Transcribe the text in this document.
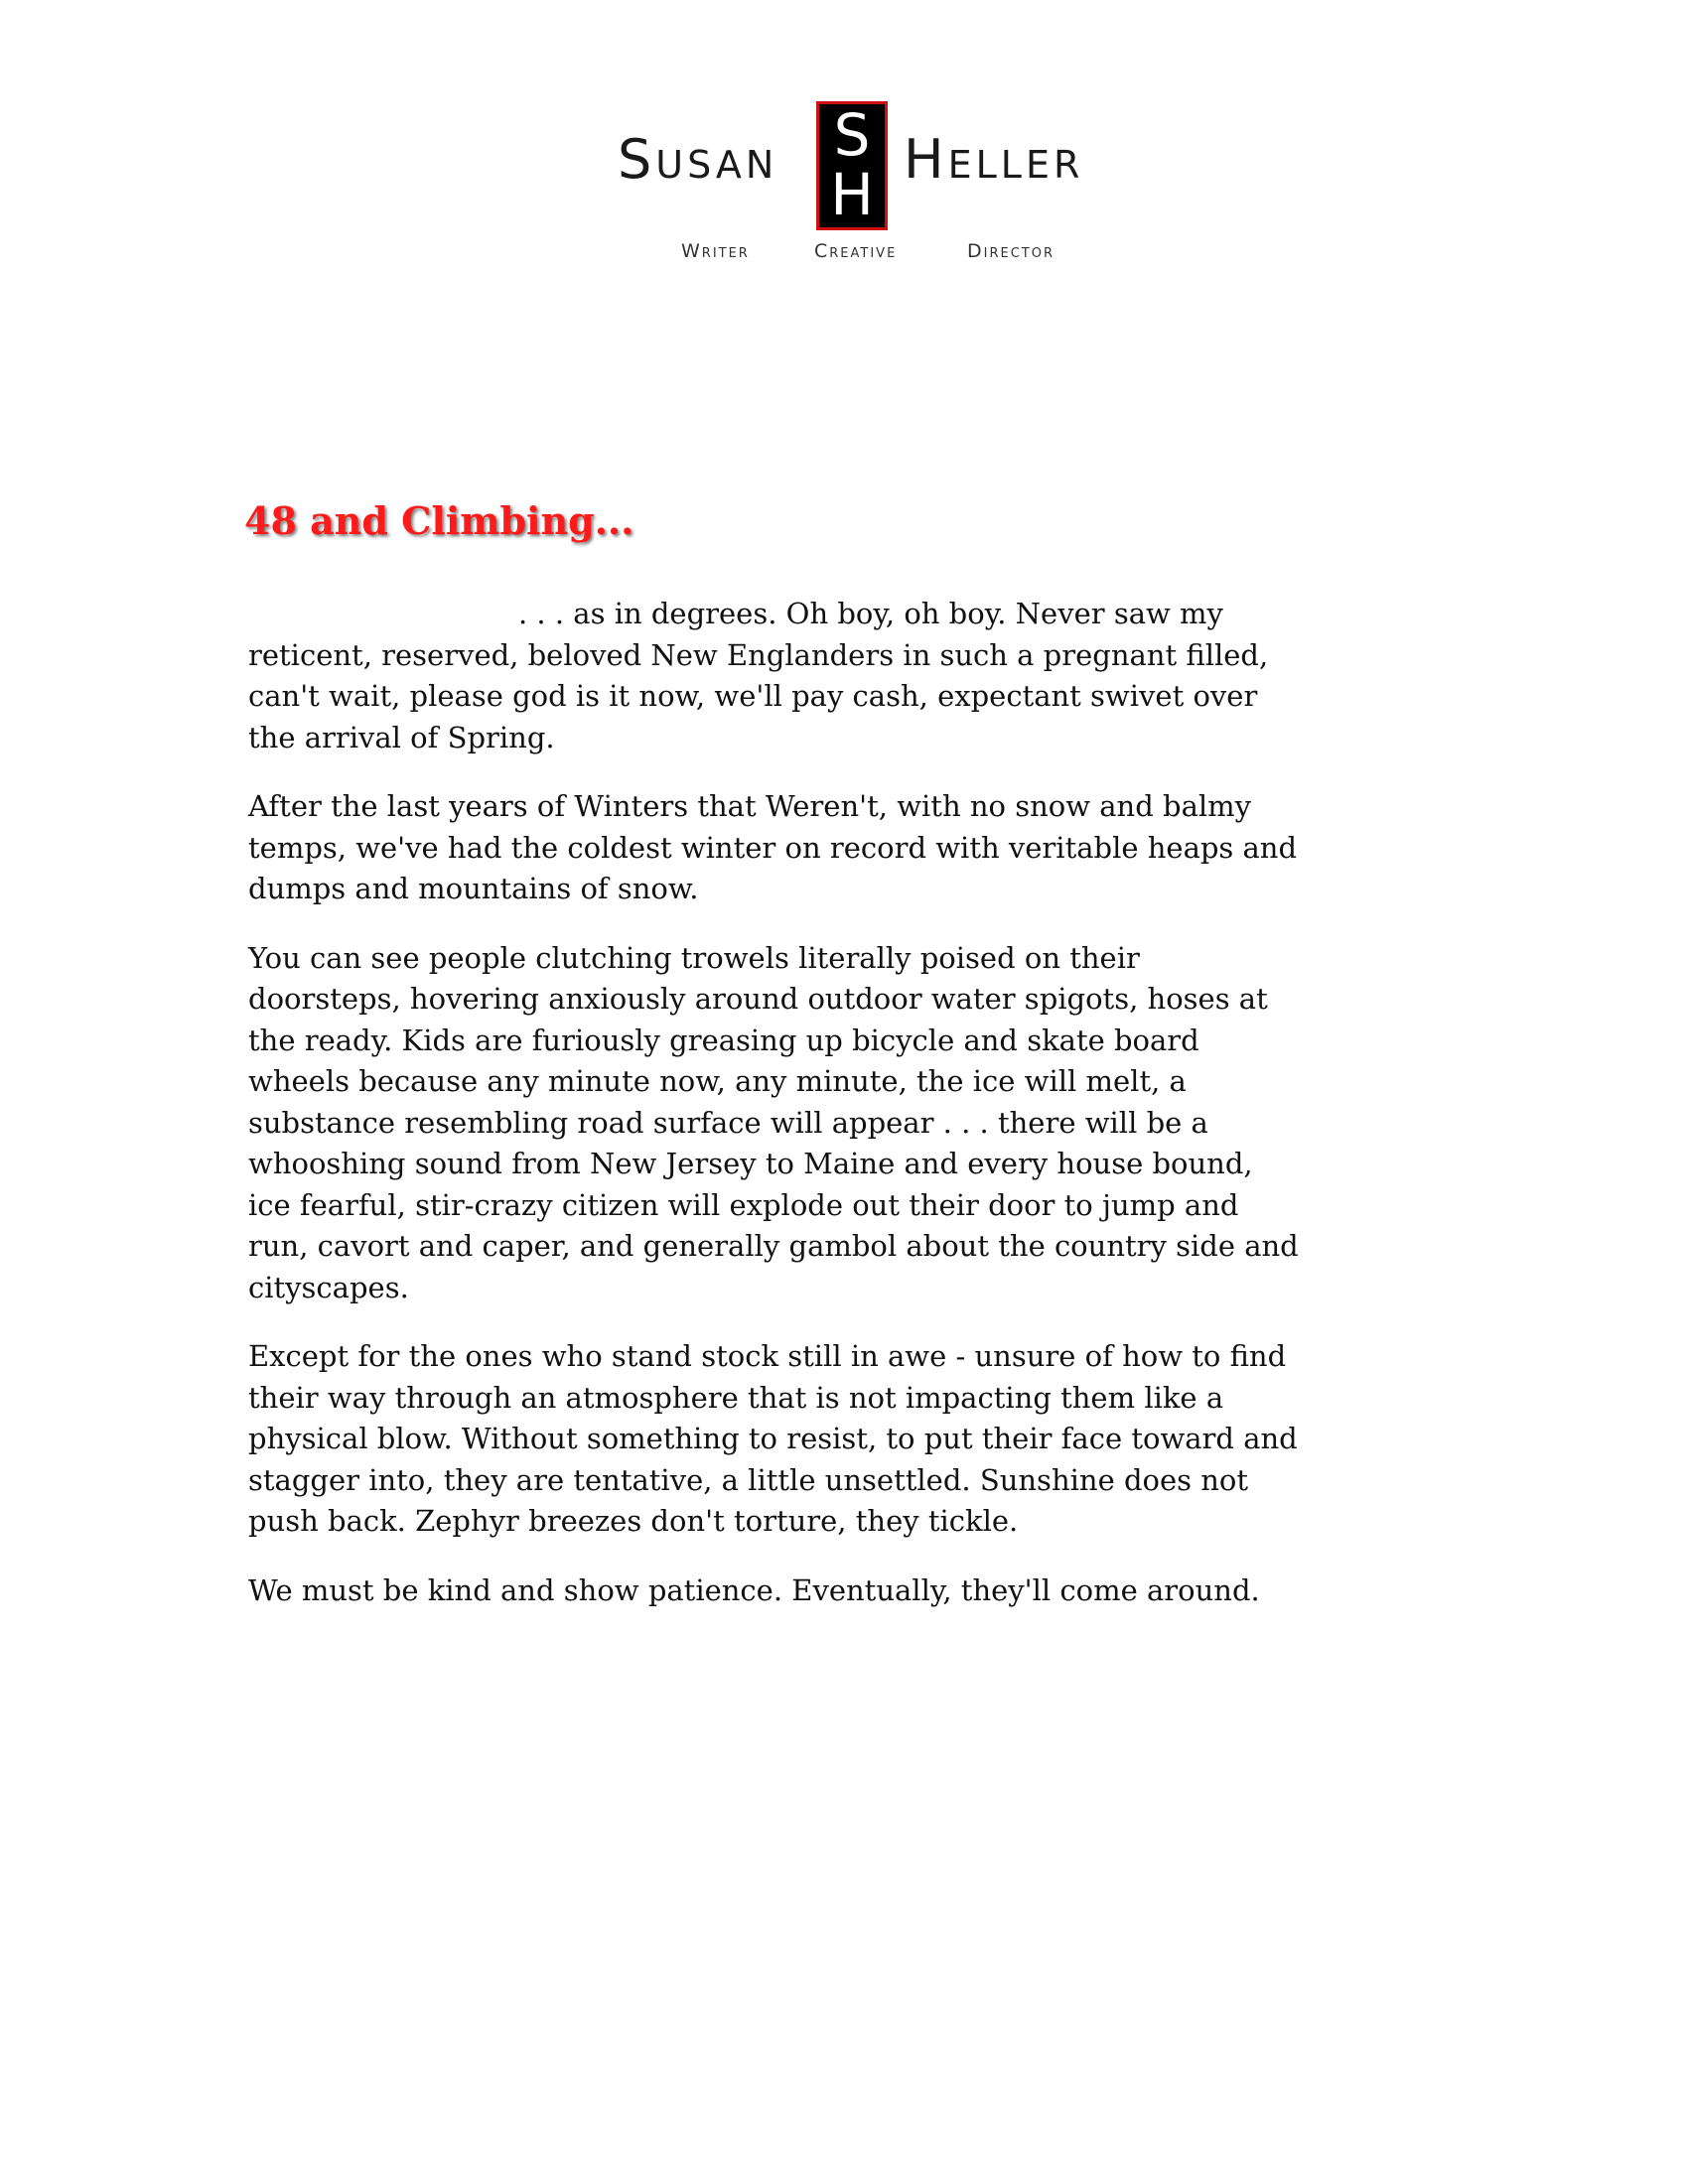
Susan S
H
Heller
Writer	Creative	Director
48 and Climbing...

. . . as in degrees. Oh boy, oh boy. Never saw my reticent, reserved, beloved New Englanders in such a pregnant filled, can't wait, please god is it now, we'll pay cash, expectant swivet over the arrival of Spring.

After the last years of Winters that Weren't, with no snow and balmy temps, we've had the coldest winter on record with veritable heaps and dumps and mountains of snow.

You can see people clutching trowels literally poised on their doorsteps, hovering anxiously around outdoor water spigots, hoses at the ready. Kids are furiously greasing up bicycle and skate board wheels because any minute now, any minute, the ice will melt, a substance resembling road surface will appear . . . there will be a whooshing sound from New Jersey to Maine and every house bound, ice fearful, stir-crazy citizen will explode out their door to jump and run, cavort and caper, and generally gambol about the country side and cityscapes.

Except for the ones who stand stock still in awe - unsure of how to find their way through an atmosphere that is not impacting them like a physical blow. Without something to resist, to put their face toward and stagger into, they are tentative, a little unsettled. Sunshine does not push back. Zephyr breezes don't torture, they tickle.

We must be kind and show patience. Eventually, they'll come around.
